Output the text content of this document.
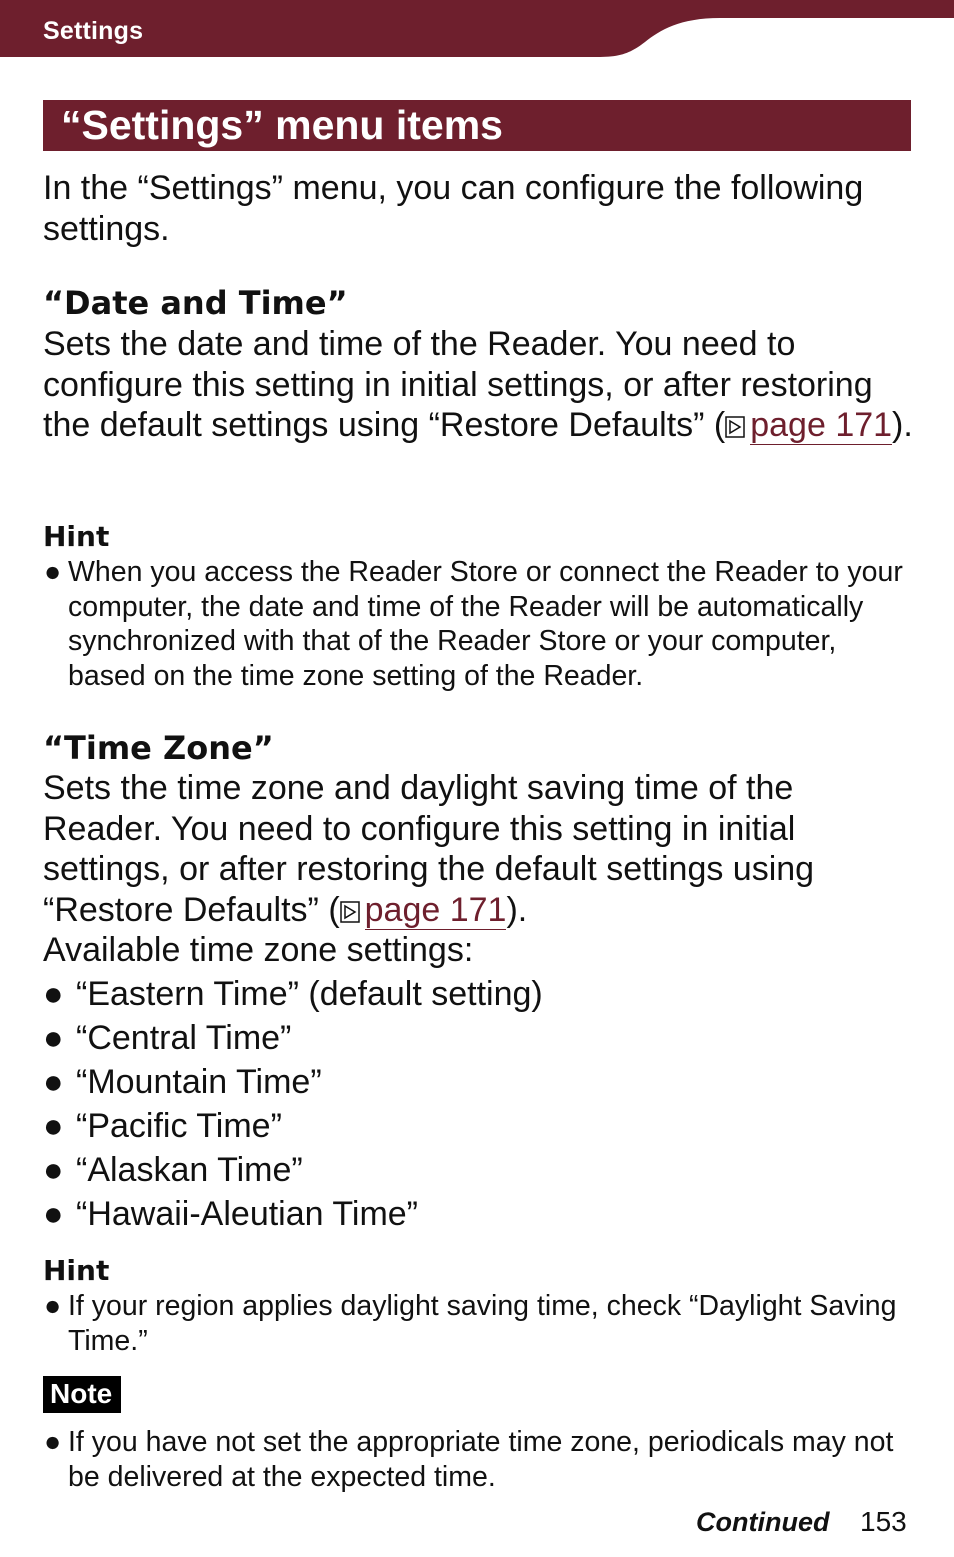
Settings
“Settings” menu items
In the “Settings” menu, you can configure the following settings.
“Date and Time”
Sets the date and time of the Reader. You need to configure this setting in initial settings, or after restoring the default settings using “Restore Defaults” ( page 171).
Hint
● When you access the Reader Store or connect the Reader to your computer, the date and time of the Reader will be automatically synchronized with that of the Reader Store or your computer, based on the time zone setting of the Reader.
“Time Zone”
Sets the time zone and daylight saving time of the Reader. You need to configure this setting in initial settings, or after restoring the default settings using “Restore Defaults” ( page 171).
Available time zone settings:
● “Eastern Time” (default setting)
● “Central Time”
● “Mountain Time”
● “Pacific Time”
● “Alaskan Time”
● “Hawaii-Aleutian Time”
Hint
● If your region applies daylight saving time, check “Daylight Saving Time.”
Note
● If you have not set the appropriate time zone, periodicals may not be delivered at the expected time.
Continued 153
